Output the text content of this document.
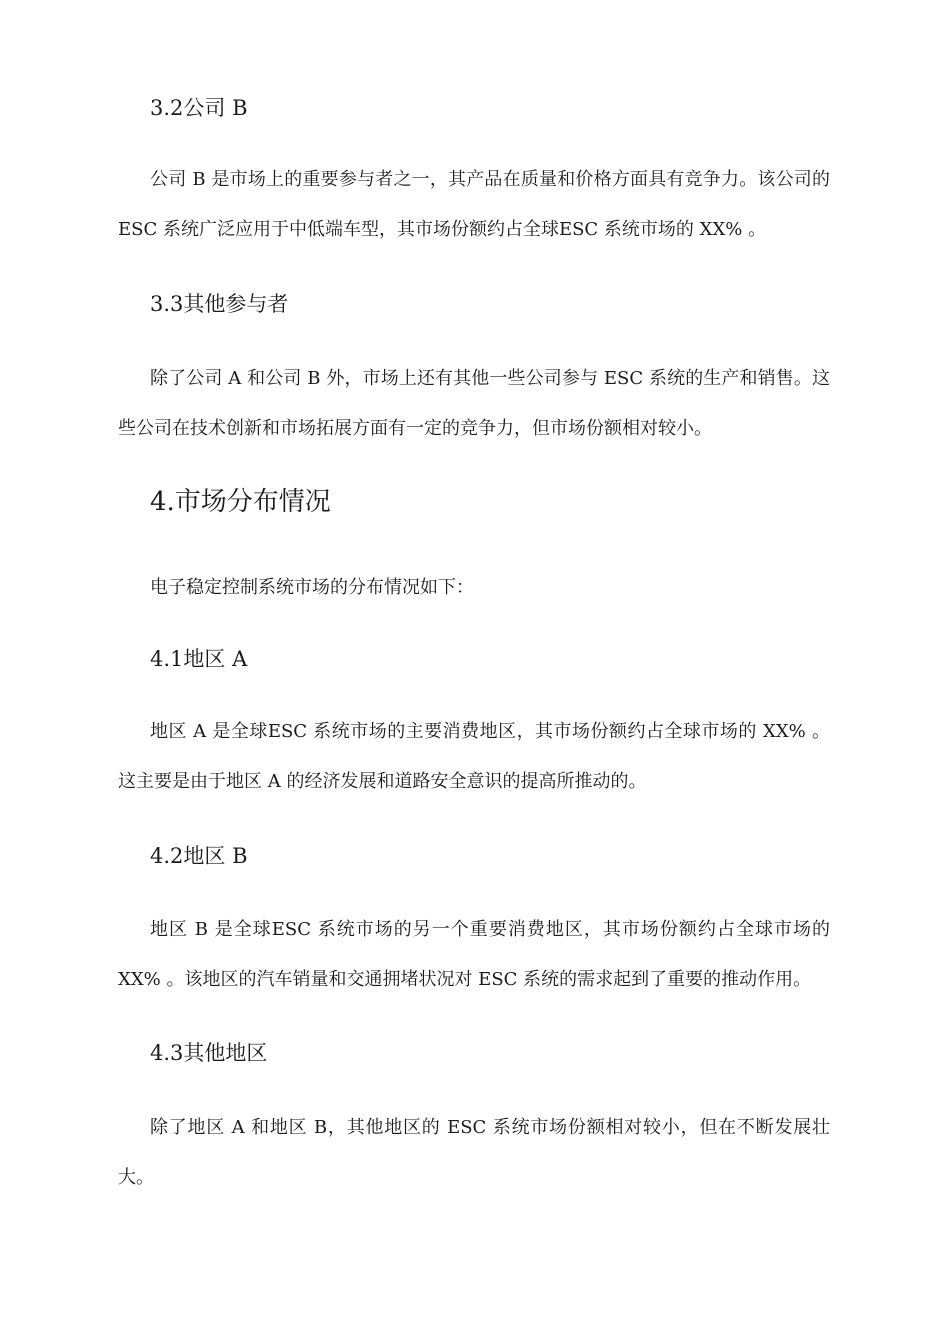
3.2公司 B

公司 B 是市场上的重要参与者之一，其产品在质量和价格方面具有竞争力。该公司的 ESC 系统广泛应用于中低端车型，其市场份额约占全球ESC 系统市场的 XX% 。

3.3其他参与者

除了公司 A 和公司 B 外，市场上还有其他一些公司参与 ESC 系统的生产和销售。这些公司在技术创新和市场拓展方面有一定的竞争力，但市场份额相对较小。

4.市场分布情况

电子稳定控制系统市场的分布情况如下：

4.1地区 A

地区 A 是全球ESC 系统市场的主要消费地区，其市场份额约占全球市场的 XX% 。这主要是由于地区 A 的经济发展和道路安全意识的提高所推动的。

4.2地区 B

地区 B 是全球ESC 系统市场的另一个重要消费地区，其市场份额约占全球市场的 XX% 。该地区的汽车销量和交通拥堵状况对 ESC 系统的需求起到了重要的推动作用。

4.3其他地区

除了地区 A 和地区 B，其他地区的 ESC 系统市场份额相对较小，但在不断发展壮大。
